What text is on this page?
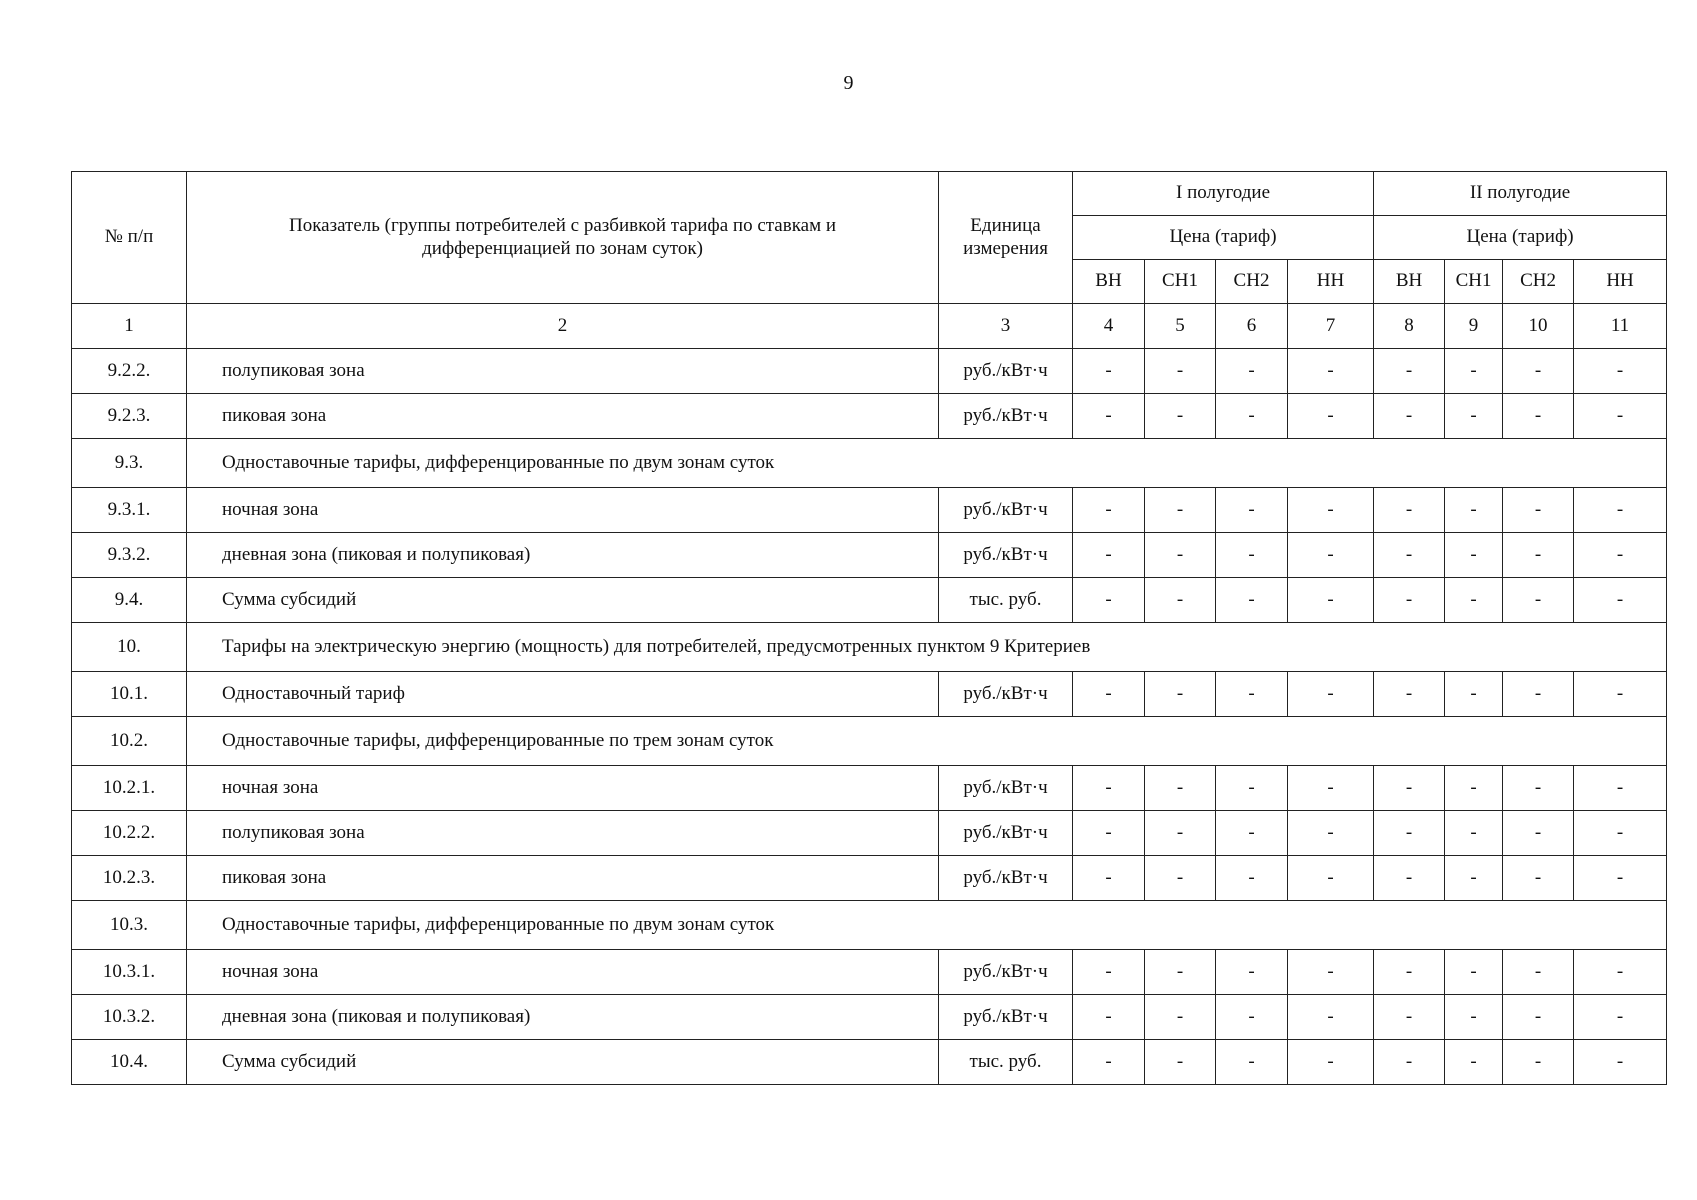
9
№ п/п	Показатель (группы потребителей с разбивкой тарифа по ставкам и дифференциацией по зонам суток)	Единица измерения	I полугодие				II полугодие			
			Цена (тариф)				Цена (тариф)			
			ВН	СН1	СН2	НН	ВН	СН1	СН2	НН
1	2	3	4	5	6	7	8	9	10	11
9.2.2.	полупиковая зона	руб./кВт·ч	-	-	-	-	-	-	-	-
9.2.3.	пиковая зона	руб./кВт·ч	-	-	-	-	-	-	-	-
9.3.	Одноставочные тарифы, дифференцированные по двум зонам суток									
9.3.1.	ночная зона	руб./кВт·ч	-	-	-	-	-	-	-	-
9.3.2.	дневная зона (пиковая и полупиковая)	руб./кВт·ч	-	-	-	-	-	-	-	-
9.4.	Сумма субсидий	тыс. руб.	-	-	-	-	-	-	-	-
10.	Тарифы на электрическую энергию (мощность) для потребителей, предусмотренных пунктом 9 Критериев									
10.1.	Одноставочный тариф	руб./кВт·ч	-	-	-	-	-	-	-	-
10.2.	Одноставочные тарифы, дифференцированные по трем зонам суток									
10.2.1.	ночная зона	руб./кВт·ч	-	-	-	-	-	-	-	-
10.2.2.	полупиковая зона	руб./кВт·ч	-	-	-	-	-	-	-	-
10.2.3.	пиковая зона	руб./кВт·ч	-	-	-	-	-	-	-	-
10.3.	Одноставочные тарифы, дифференцированные по двум зонам суток									
10.3.1.	ночная зона	руб./кВт·ч	-	-	-	-	-	-	-	-
10.3.2.	дневная зона (пиковая и полупиковая)	руб./кВт·ч	-	-	-	-	-	-	-	-
10.4.	Сумма субсидий	тыс. руб.	-	-	-	-	-	-	-	-
